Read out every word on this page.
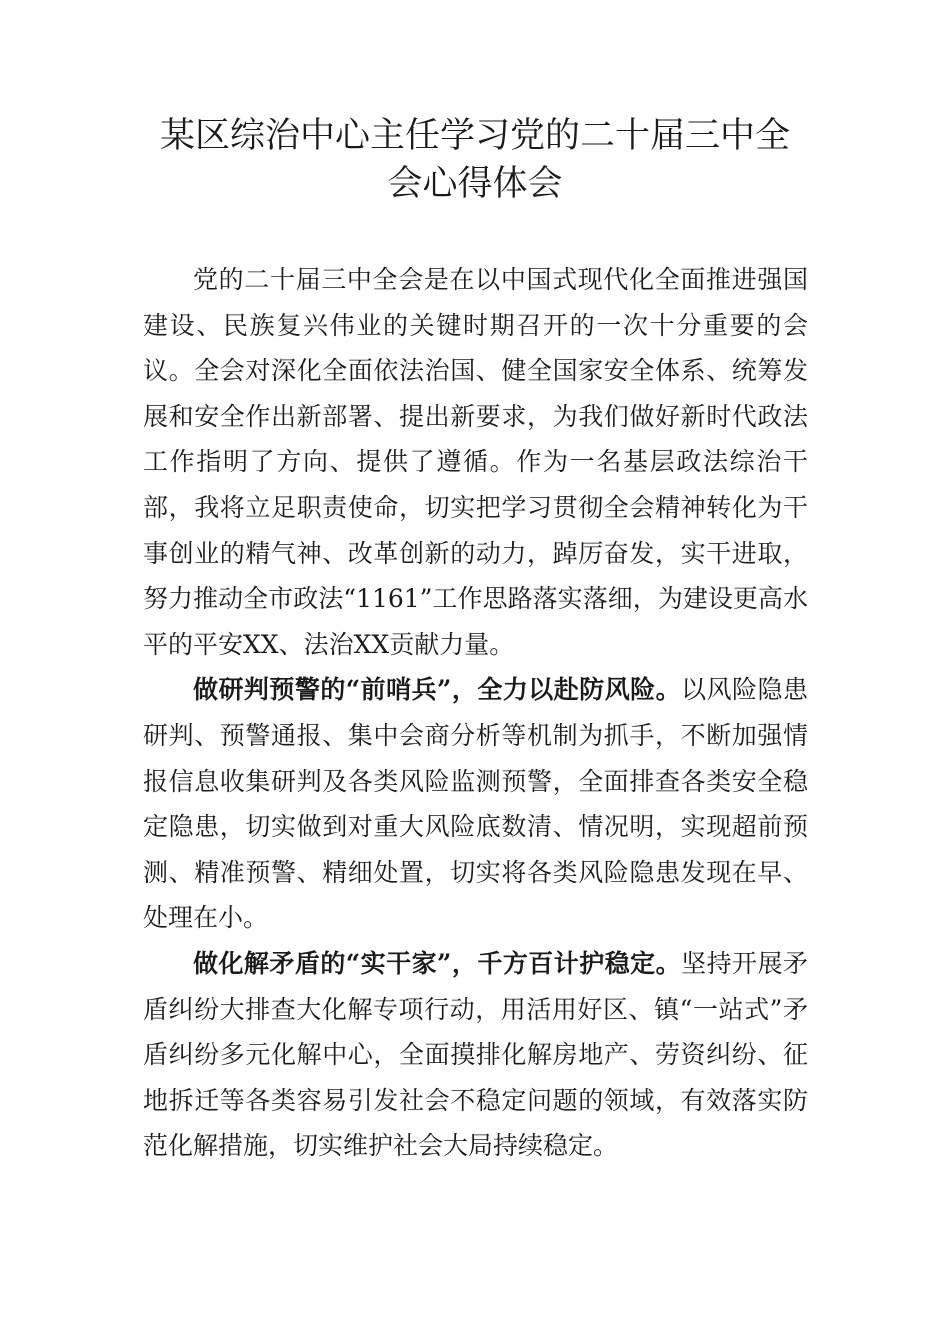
某区综治中心主任学习党的二十届三中全
会心得体会

党的二十届三中全会是在以中国式现代化全面推进强国建设、民族复兴伟业的关键时期召开的一次十分重要的会议。全会对深化全面依法治国、健全国家安全体系、统筹发展和安全作出新部署、提出新要求，为我们做好新时代政法工作指明了方向、提供了遵循。作为一名基层政法综治干部，我将立足职责使命，切实把学习贯彻全会精神转化为干事创业的精气神、改革创新的动力，踔厉奋发，实干进取，努力推动全市政法“1161”工作思路落实落细，为建设更高水平的平安XX、法治XX贡献力量。

做研判预警的“前哨兵”，全力以赴防风险。以风险隐患研判、预警通报、集中会商分析等机制为抓手，不断加强情报信息收集研判及各类风险监测预警，全面排查各类安全稳定隐患，切实做到对重大风险底数清、情况明，实现超前预测、精准预警、精细处置，切实将各类风险隐患发现在早、处理在小。

做化解矛盾的“实干家”，千方百计护稳定。坚持开展矛盾纠纷大排查大化解专项行动，用活用好区、镇“一站式”矛盾纠纷多元化解中心，全面摸排化解房地产、劳资纠纷、征地拆迁等各类容易引发社会不稳定问题的领域，有效落实防范化解措施，切实维护社会大局持续稳定。
